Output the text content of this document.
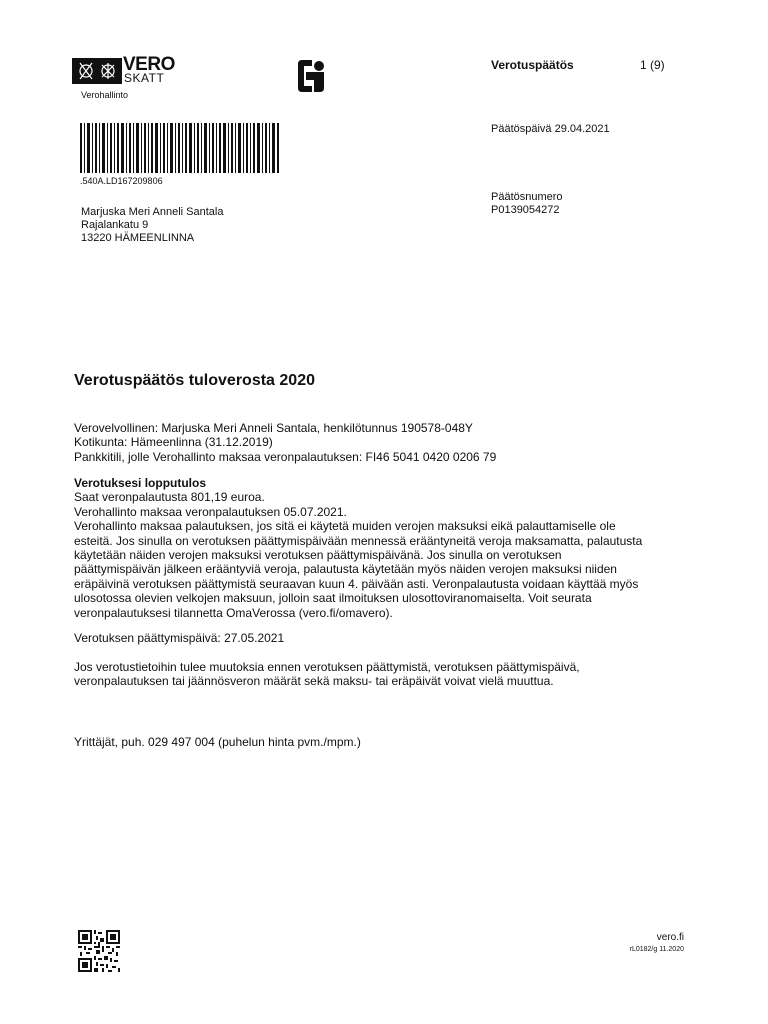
VERO
SKATT
Verohallinto
Verotuspäätös	1 (9)
Päätöspäivä 29.04.2021
.540A.LD167209806
Päätösnumero
P0139054272
Marjuska Meri Anneli Santala
Rajalankatu 9
13220 HÄMEENLINNA
Verotuspäätös tuloverosta 2020
Verovelvollinen: Marjuska Meri Anneli Santala, henkilötunnus 190578-048Y
Kotikunta: Hämeenlinna (31.12.2019)
Pankkitili, jolle Verohallinto maksaa veronpalautuksen: FI46 5041 0420 0206 79
Verotuksesi lopputulos
Saat veronpalautusta 801,19 euroa.
Verohallinto maksaa veronpalautuksen 05.07.2021.
Verohallinto maksaa palautuksen, jos sitä ei käytetä muiden verojen maksuksi eikä palauttamiselle ole
esteitä. Jos sinulla on verotuksen päättymispäivään mennessä erääntyneitä veroja maksamatta, palautusta
käytetään näiden verojen maksuksi verotuksen päättymispäivänä. Jos sinulla on verotuksen
päättymispäivän jälkeen erääntyviä veroja, palautusta käytetään myös näiden verojen maksuksi niiden
eräpäivinä verotuksen päättymistä seuraavan kuun 4. päivään asti. Veronpalautusta voidaan käyttää myös
ulosotossa olevien velkojen maksuun, jolloin saat ilmoituksen ulosottoviranomaiselta. Voit seurata
veronpalautuksesi tilannetta OmaVerossa (vero.fi/omavero).
Verotuksen päättymispäivä: 27.05.2021
Jos verotustietoihin tulee muutoksia ennen verotuksen päättymistä, verotuksen päättymispäivä,
veronpalautuksen tai jäännösveron määrät sekä maksu- tai eräpäivät voivat vielä muuttua.
Yrittäjät, puh. 029 497 004 (puhelun hinta pvm./mpm.)
vero.fi
rL0182/g 11.2020
